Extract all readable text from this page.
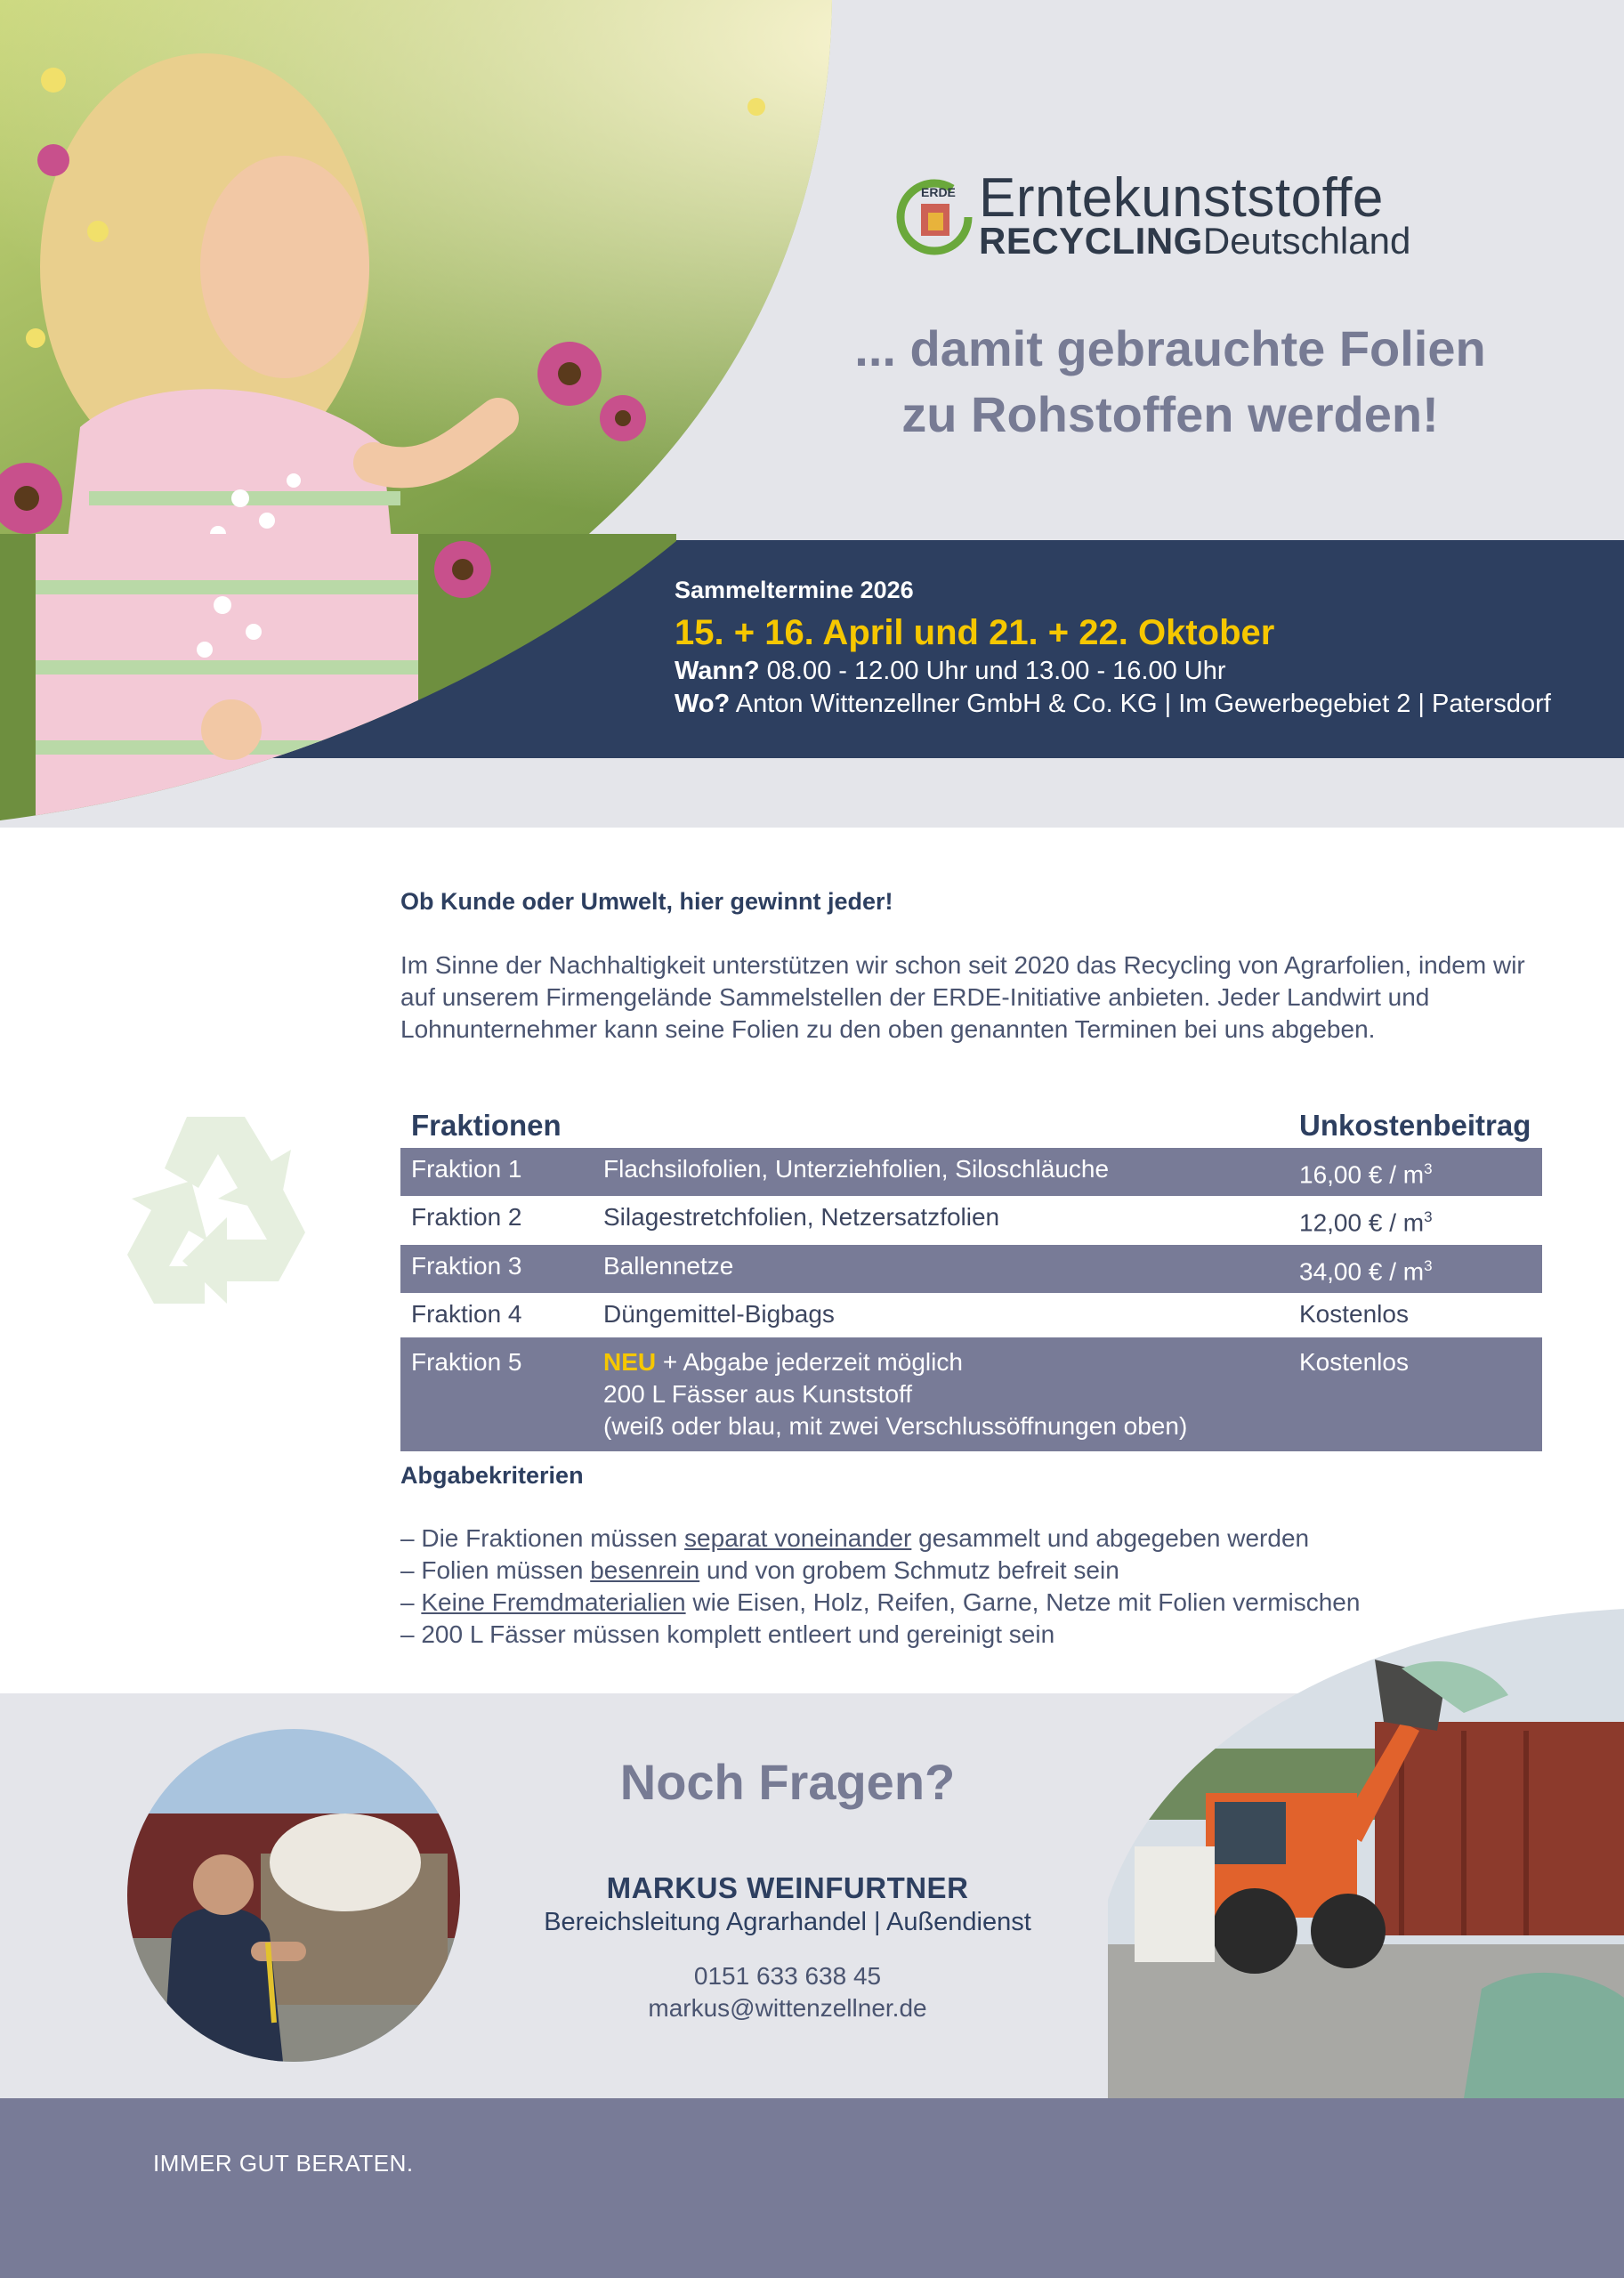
ERDE Erntekunststoffe
RECYCLINGDeutschland
... damit gebrauchte Folien
zu Rohstoffen werden!
Sammeltermine 2026
15. + 16. April und 21. + 22. Oktober
Wann? 08.00 - 12.00 Uhr und 13.00 - 16.00 Uhr
Wo? Anton Wittenzellner GmbH & Co. KG | Im Gewerbegebiet 2 | Patersdorf
Ob Kunde oder Umwelt, hier gewinnt jeder!
Im Sinne der Nachhaltigkeit unterstützen wir schon seit 2020 das Recycling von Agrarfolien, indem wir auf unserem Firmengelände Sammelstellen der ERDE-Initiative anbieten. Jeder Landwirt und Lohnunternehmer kann seine Folien zu den oben genannten Terminen bei uns abgeben.
Fraktionen		Unkostenbeitrag
Fraktion 1	Flachsilofolien, Unterziehfolien, Siloschläuche	16,00 € / $m^3$
Fraktion 2	Silagestretchfolien, Netzersatzfolien	12,00 € / $m^3$
Fraktion 3	Ballennetze	34,00 € / $m^3$
Fraktion 4	Düngemittel-Bigbags	Kostenlos
Fraktion 5	NEU + Abgabe jederzeit möglich
200 L Fässer aus Kunststoff
(weiß oder blau, mit zwei Verschlussöffnungen oben)	Kostenlos
Abgabekriterien
– Die Fraktionen müssen separat voneinander gesammelt und abgegeben werden
– Folien müssen besenrein und von grobem Schmutz befreit sein
– Keine Fremdmaterialien wie Eisen, Holz, Reifen, Garne, Netze mit Folien vermischen
– 200 L Fässer müssen komplett entleert und gereinigt sein
Noch Fragen?
MARKUS WEINFURTNER
Bereichsleitung Agrarhandel | Außendienst
0151 633 638 45
markus@wittenzellner.de
IMMER GUT BERATEN.
